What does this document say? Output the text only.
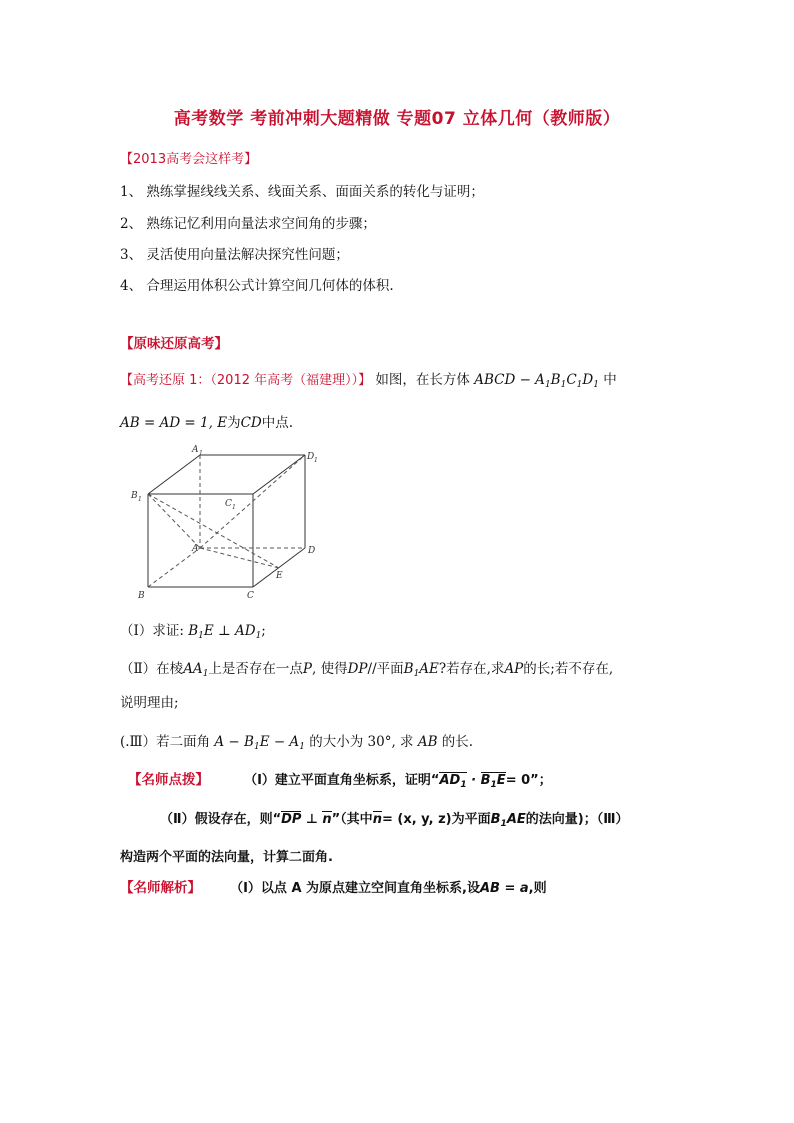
高考数学 考前冲刺大题精做 专题07 立体几何（教师版）
【2013高考会这样考】
1、 熟练掌握线线关系、线面关系、面面关系的转化与证明；
2、 熟练记忆利用向量法求空间角的步骤；
3、 灵活使用向量法解决探究性问题；
4、 合理运用体积公式计算空间几何体的体积.
【原味还原高考】
【高考还原 1：（2012 年高考（福建理））】 如图，在长方体 ABCD − $A_1B_1C_1D_1$ 中
AB = AD = 1, E为CD中点.
A 1	D 1
B 1	C 1
A	D
E
B	C
（Ⅰ）求证: $B_1E$ ⊥ $AD_1$;
（Ⅱ）在棱$AA_1$上是否存在一点P, 使得DP//平面$B_1AE$?若存在,求AP的长;若不存在,
说明理由;
(.Ⅲ）若二面角 $A - B_1E - A_1$ 的大小为 30°, 求 AB 的长.
【名师点拨】	（Ⅰ）建立平面直角坐标系，证明“$AD_1 \cdot B_1E= 0$”；
（Ⅱ）假设存在，则“DP ⊥ n”（其中n= (x, y, z)为平面$B_1AE$的法向量)；（Ⅲ）
构造两个平面的法向量，计算二面角.
【名师解析】 （Ⅰ）以点 A 为原点建立空间直角坐标系,设AB = a,则
